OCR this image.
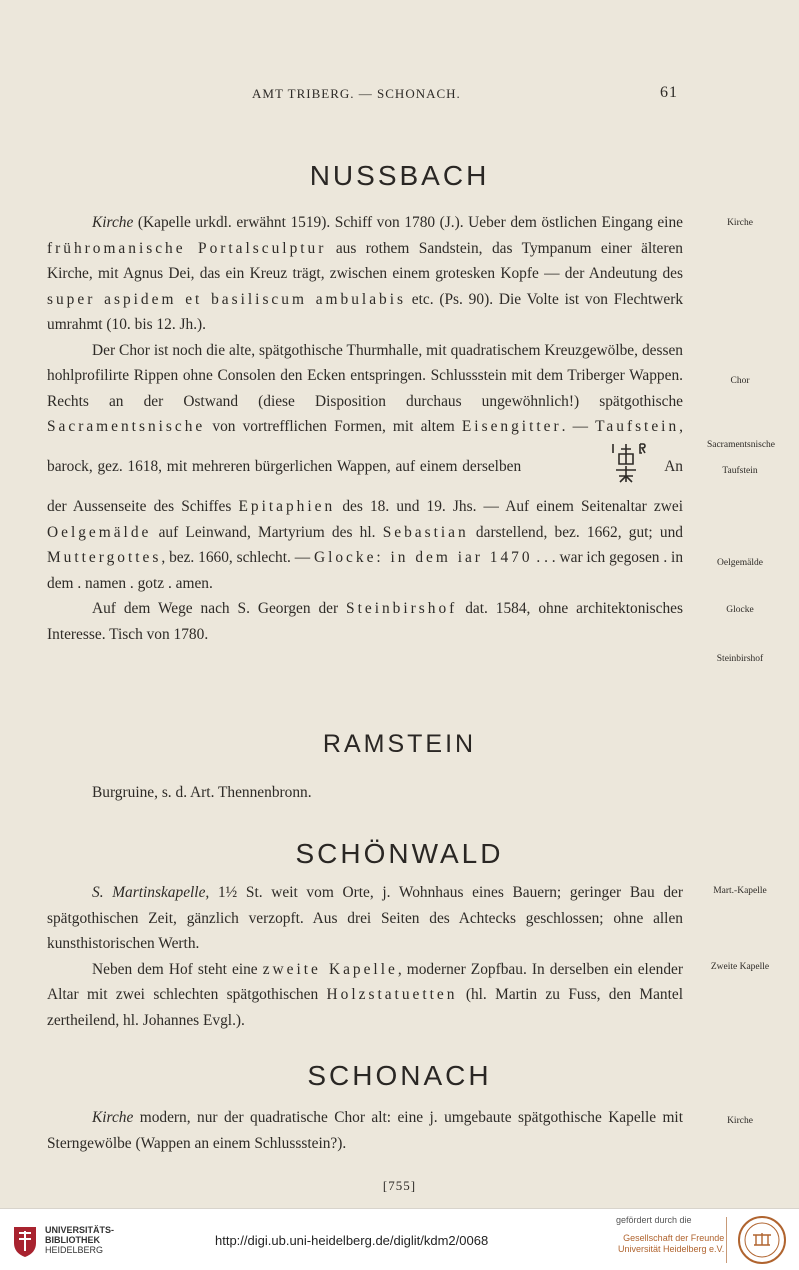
AMT TRIBERG. — SCHONACH.	61
NUSSBACH

Kirche (Kapelle urkdl. erwähnt 1519). Schiff von 1780 (J.). Ueber dem östlichen Eingang eine frühromanische Portalsculptur aus rothem Sandstein, das Tympanum einer älteren Kirche, mit Agnus Dei, das ein Kreuz trägt, zwischen einem grotesken Kopfe — der Andeutung des super aspidem et basiliscum ambulabis etc. (Ps. 90). Die Volte ist von Flechtwerk umrahmt (10. bis 12. Jh.).

Der Chor ist noch die alte, spätgothische Thurmhalle, mit quadratischem Kreuzgewölbe, dessen hohlprofilirte Rippen ohne Consolen den Ecken entspringen. Schlussstein mit dem Triberger Wappen. Rechts an der Ostwand (diese Disposition durchaus ungewöhnlich!) spätgothische Sacramentsnische von vortrefflichen Formen, mit altem Eisengitter. — Taufstein, barock, gez. 1618, mit mehreren bürgerlichen Wappen, auf einem derselben	An der Aussenseite des Schiffes Epitaphien des 18. und 19. Jhs. — Auf einem Seitenaltar zwei Oelgemälde auf Leinwand, Martyrium des hl. Sebastian darstellend, bez. 1662, gut; und Muttergottes, bez. 1660, schlecht. — Glocke: in dem iar 1470 . . . war ich gegosen . in dem . namen . gotz . amen.

Auf dem Wege nach S. Georgen der Steinbirshof dat. 1584, ohne architektonisches Interesse. Tisch von 1780.

RAMSTEIN

Burgruine, s. d. Art. Thennenbronn.

SCHÖNWALD

S. Martinskapelle, 1½ St. weit vom Orte, j. Wohnhaus eines Bauern; geringer Bau der spätgothischen Zeit, gänzlich verzopft. Aus drei Seiten des Achtecks geschlossen; ohne allen kunsthistorischen Werth.

Neben dem Hof steht eine zweite Kapelle, moderner Zopfbau. In derselben ein elender Altar mit zwei schlechten spätgothischen Holzstatuetten (hl. Martin zu Fuss, den Mantel zertheilend, hl. Johannes Evgl.).

SCHONACH

Kirche modern, nur der quadratische Chor alt: eine j. umgebaute spätgothische Kapelle mit Sterngewölbe (Wappen an einem Schlussstein?).

Kirche
Chor
Sacramentsnische
Taufstein
Oelgemälde
Glocke
Steinbirshof
Mart.-Kapelle
Zweite Kapelle
Kirche
[755]
UNIVERSITÄTS-
BIBLIOTHEK
HEIDELBERG
http://digi.ub.uni-heidelberg.de/diglit/kdm2/0068
gefördert durch die
Gesellschaft der Freunde
Universität Heidelberg e.V.
